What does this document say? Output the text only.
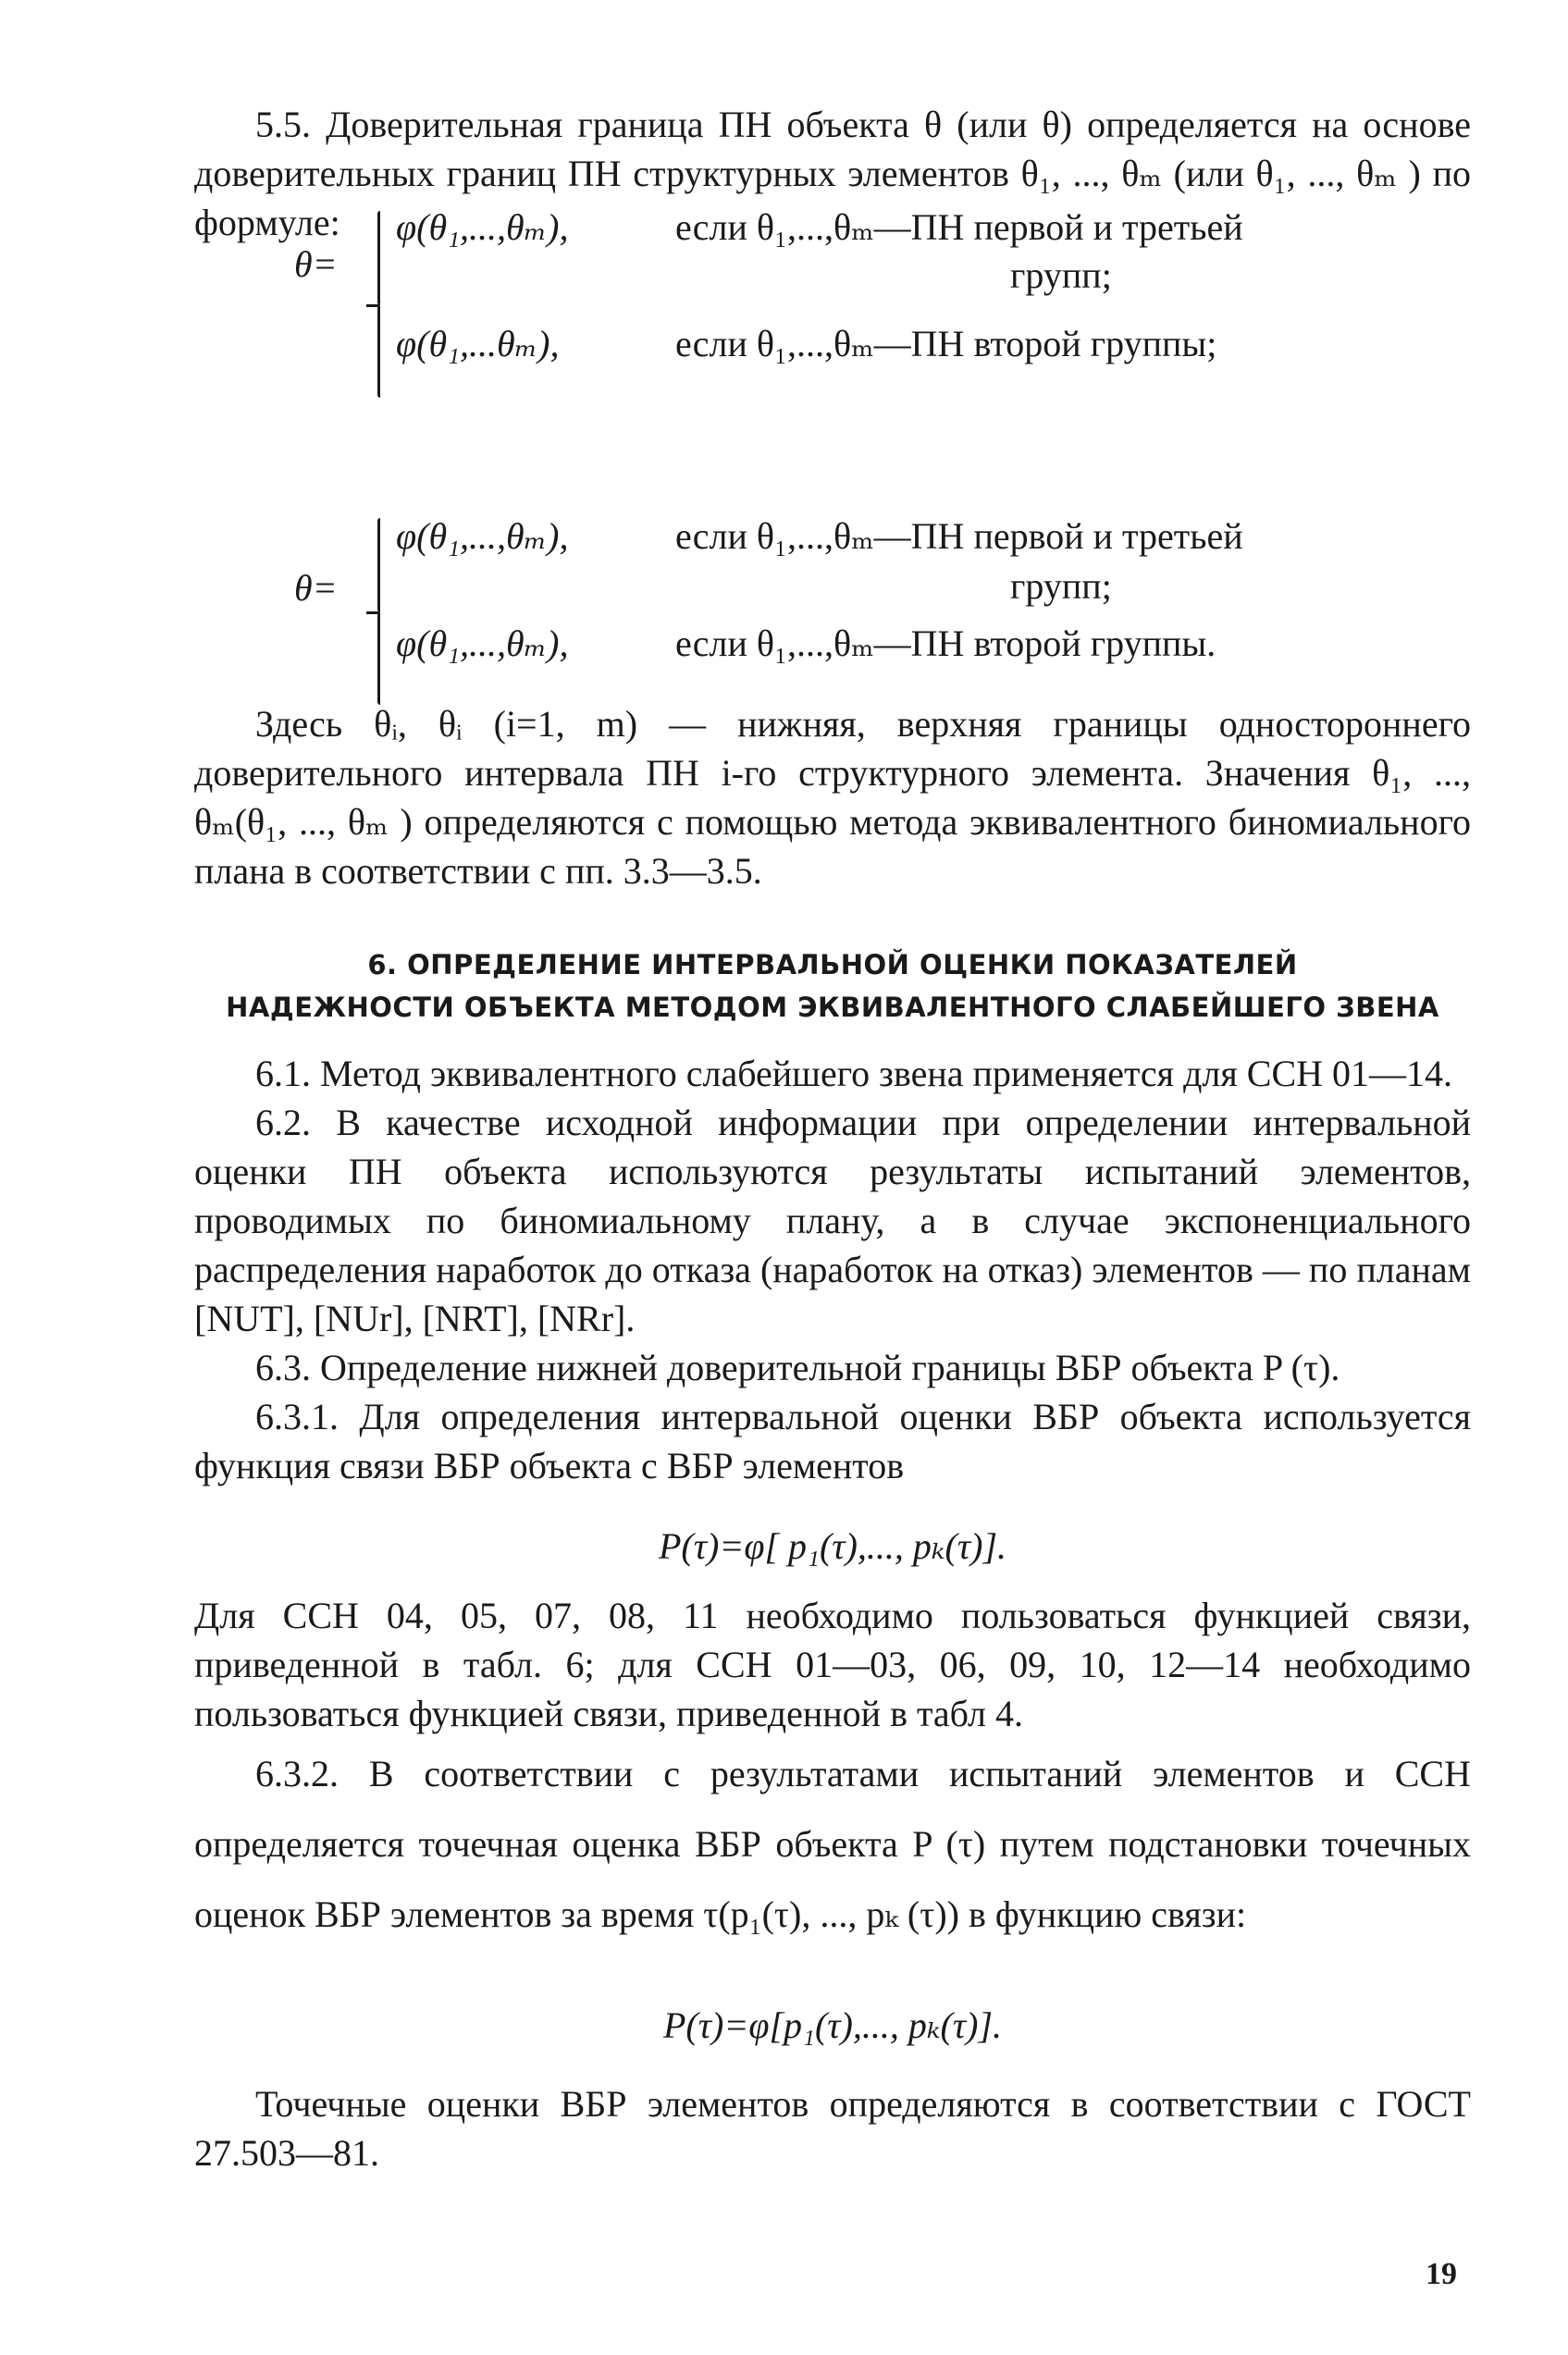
5.5. Доверительная граница ПН объекта θ (или θ) определяется на основе доверительных границ ПН структурных элементов θ₁, ..., θₘ (или θ₁, ..., θₘ ) по формуле:

θ=
φ(θ₁,...,θₘ),	если θ₁,...,θₘ—ПН первой и третьей
групп;
φ(θ₁,...θₘ),	если θ₁,...,θₘ—ПН второй группы;
θ=
φ(θ₁,...,θₘ),	если θ₁,...,θₘ—ПН первой и третьей
групп;
φ(θ₁,...,θₘ),	если θ₁,...,θₘ—ПН второй группы.

Здесь θᵢ, θᵢ (i=1, m) — нижняя, верхняя границы одностороннего доверительного интервала ПН i-го структурного элемента. Значения θ₁, ..., θₘ(θ₁, ..., θₘ ) определяются с помощью метода эквивалентного биномиального плана в соответствии с пп. 3.3—3.5.

6. ОПРЕДЕЛЕНИЕ ИНТЕРВАЛЬНОЙ ОЦЕНКИ ПОКАЗАТЕЛЕЙ
НАДЕЖНОСТИ ОБЪЕКТА МЕТОДОМ ЭКВИВАЛЕНТНОГО СЛАБЕЙШЕГО ЗВЕНА

6.1. Метод эквивалентного слабейшего звена применяется для ССН 01—14.

6.2. В качестве исходной информации при определении интервальной оценки ПН объекта используются результаты испытаний элементов, проводимых по биномиальному плану, а в случае экспоненциального распределения наработок до отказа (наработок на отказ) элементов — по планам [NUT], [NUr], [NRT], [NRr].

6.3. Определение нижней доверительной границы ВБР объекта P (τ).

6.3.1. Для определения интервальной оценки ВБР объекта используется функция связи ВБР объекта с ВБР элементов

P(τ)=φ[ p₁(τ),..., pₖ(τ)].

Для ССН 04, 05, 07, 08, 11 необходимо пользоваться функцией связи, приведенной в табл. 6; для ССН 01—03, 06, 09, 10, 12—14 необходимо пользоваться функцией связи, приведенной в табл 4.

6.3.2. В соответствии с результатами испытаний элементов и ССН определяется точечная оценка ВБР объекта P (τ) путем подстановки точечных оценок ВБР элементов за время τ(p₁(τ), ..., pₖ (τ)) в функцию связи:

P(τ)=φ[p₁(τ),..., pₖ(τ)].

Точечные оценки ВБР элементов определяются в соответствии с ГОСТ 27.503—81.

19
